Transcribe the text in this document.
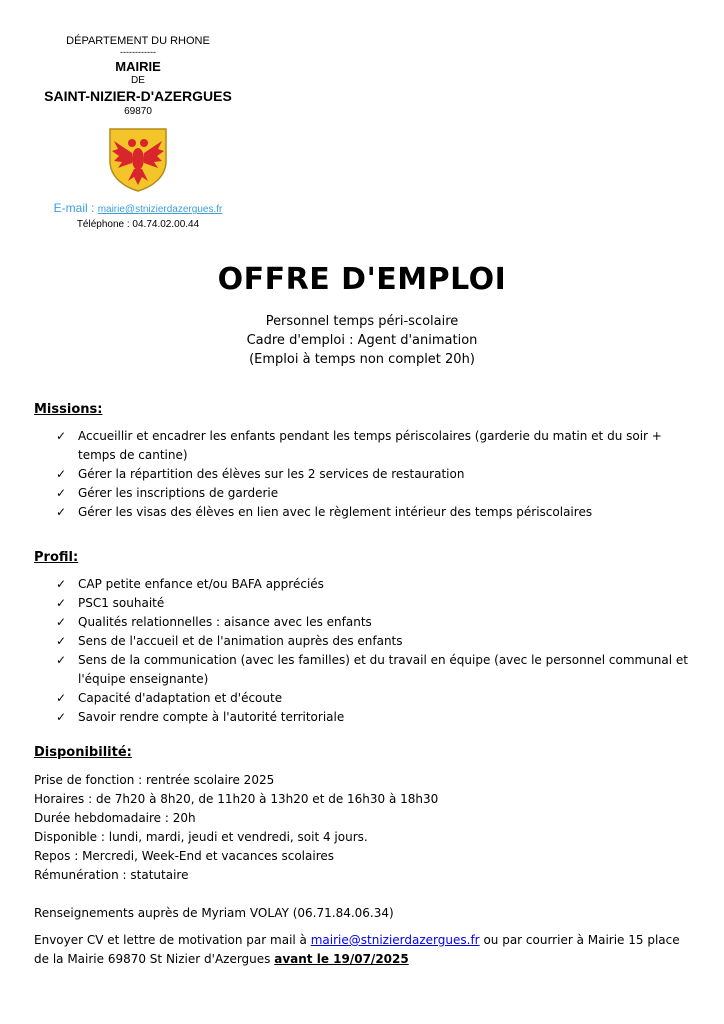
DÉPARTEMENT DU RHONE
------------
MAIRIE
DE
SAINT-NIZIER-D'AZERGUES
69870
E-mail : mairie@stnizierdazergues.fr
Téléphone : 04.74.02.00.44
OFFRE D'EMPLOI
Personnel temps péri-scolaire
Cadre d'emploi : Agent d'animation
(Emploi à temps non complet 20h)
Missions:
✓ Accueillir et encadrer les enfants pendant les temps périscolaires (garderie du matin et du soir + temps de cantine)
✓ Gérer la répartition des élèves sur les 2 services de restauration
✓ Gérer les inscriptions de garderie
✓ Gérer les visas des élèves en lien avec le règlement intérieur des temps périscolaires
Profil:
✓ CAP petite enfance et/ou BAFA appréciés
✓ PSC1 souhaité
✓ Qualités relationnelles : aisance avec les enfants
✓ Sens de l'accueil et de l'animation auprès des enfants
✓ Sens de la communication (avec les familles) et du travail en équipe (avec le personnel communal et l'équipe enseignante)
✓ Capacité d'adaptation et d'écoute
✓ Savoir rendre compte à l'autorité territoriale
Disponibilité:
Prise de fonction : rentrée scolaire 2025
Horaires : de 7h20 à 8h20, de 11h20 à 13h20 et de 16h30 à 18h30
Durée hebdomadaire : 20h
Disponible : lundi, mardi, jeudi et vendredi, soit 4 jours.
Repos : Mercredi, Week-End et vacances scolaires
Rémunération : statutaire
Renseignements auprès de Myriam VOLAY (06.71.84.06.34)
Envoyer CV et lettre de motivation par mail à mairie@stnizierdazergues.fr ou par courrier à Mairie 15 place de la Mairie 69870 St Nizier d'Azergues avant le 19/07/2025
